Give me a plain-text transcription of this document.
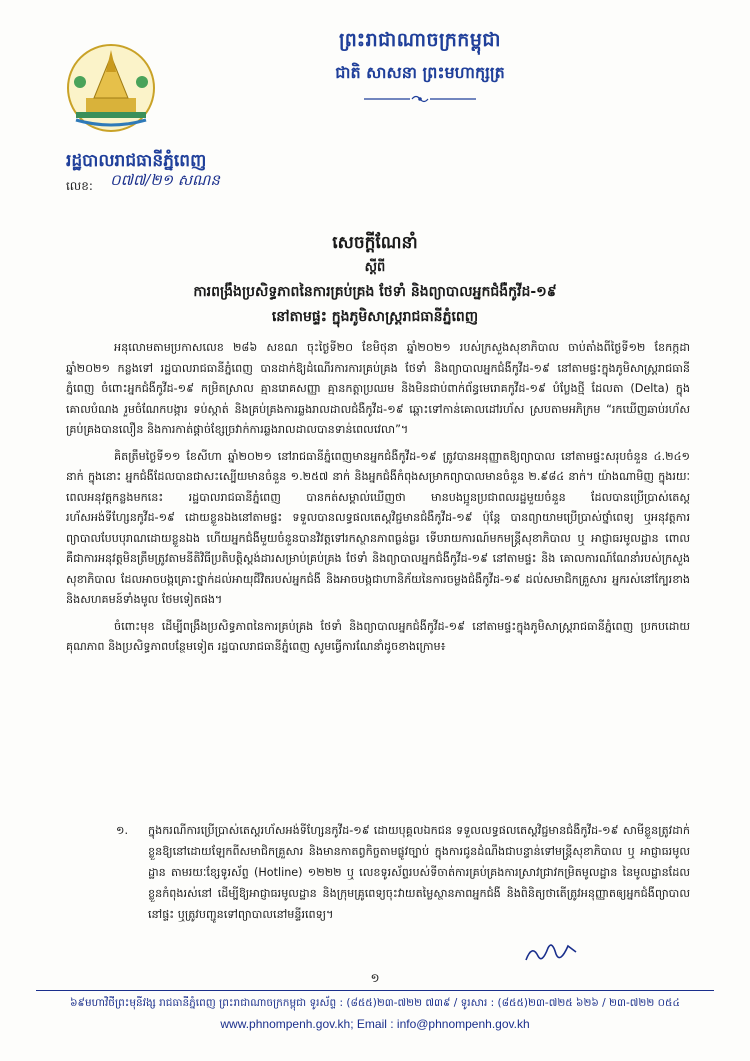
ព្រះរាជាណាចក្រកម្ពុជា
ជាតិ សាសនា ព្រះមហាក្សត្រ
រដ្ឋបាលរាជធានីភ្នំពេញ
លេខ: ០៧៧/២១ សណន
សេចក្តីណែនាំ
ស្តីពី
ការពង្រឹងប្រសិទ្ធភាពនៃការគ្រប់គ្រង ថែទាំ និងព្យាបាលអ្នកជំងឺកូវីដ-១៩
នៅតាមផ្ទះ ក្នុងភូមិសាស្ត្ររាជធានីភ្នំពេញ

អនុលោមតាមប្រកាសលេខ ២៨៦ សខណ ចុះថ្ងៃទី២០ ខែមិថុនា ឆ្នាំ២០២១ របស់ក្រសួងសុខាភិបាល ចាប់តាំងពីថ្ងៃទី១២ ខែកក្កដា ឆ្នាំ២០២១ កន្លងទៅ រដ្ឋបាលរាជធានីភ្នំពេញ បានដាក់ឱ្យដំណើរការការគ្រប់គ្រង ថែទាំ និងព្យាបាលអ្នកជំងឺកូវីដ-១៩ នៅតាមផ្ទះក្នុងភូមិសាស្ត្ររាជធានីភ្នំពេញ ចំពោះអ្នកជំងឺកូវីដ-១៩ កម្រិតស្រាល គ្មានរោគសញ្ញា គ្មានកត្តាប្រឈម និងមិនជាប់ពាក់ព័ន្ធមេរោគកូវីដ-១៩ បំប្លែងថ្មី ដែលតា (Delta) ក្នុងគោលបំណង រួមចំណែកបង្ការ ទប់ស្កាត់ និងគ្រប់គ្រងការឆ្លងរាលដាលជំងឺកូវីដ-១៩ ឆ្ពោះទៅកាន់គោលដៅរហ័ស ស្របតាមអភិក្រម “រកឃើញឆាប់រហ័ស គ្រប់គ្រងបានលឿន និងការកាត់ផ្តាច់ខ្សែច្រវាក់ការឆ្លងរាលដាលបានទាន់ពេលវេលា”។

គិតត្រឹមថ្ងៃទី១១ ខែសីហា ឆ្នាំ២០២១ នៅរាជធានីភ្នំពេញមានអ្នកជំងឺកូវីដ-១៩ ត្រូវបានអនុញ្ញាតឱ្យព្យាបាល នៅតាមផ្ទះសរុបចំនួន ៤.២៤១ នាក់ ក្នុងនោះ អ្នកជំងឺដែលបានជាសះស្បើយមានចំនួន ១.២៥៧ នាក់ និងអ្នកជំងឺកំពុងសម្រាកព្យាបាលមានចំនួន ២.៩៨៤ នាក់។ យ៉ាងណាមិញ ក្នុងរយៈពេលអនុវត្តកន្លងមកនេះ រដ្ឋបាលរាជធានីភ្នំពេញ បានកត់សម្គាល់ឃើញថា មានបងប្អូនប្រជាពលរដ្ឋមួយចំនួន ដែលបានប្រើប្រាស់តេស្តរហ័សអង់ទីហ្សែនកូវីដ-១៩ ដោយខ្លួនឯងនៅតាមផ្ទះ ទទួលបានលទ្ធផលតេស្តវិជ្ជមានជំងឺកូវីដ-១៩ ប៉ុន្តែ បានព្យាយាមប្រើប្រាស់ថ្នាំពេទ្យ ឬអនុវត្តការព្យាបាលបែបបុរាណដោយខ្លួនឯង ហើយអ្នកជំងឺមួយចំនួនបានវិវត្តទៅរកស្ថានភាពធ្ងន់ធ្ងរ ទើបរាយការណ៍មកមន្ត្រីសុខាភិបាល ឬ អាជ្ញាធរមូលដ្ឋាន ពោលគឺជាការអនុវត្តមិនត្រឹមត្រូវតាមនីតិវិធីប្រតិបត្តិស្តង់ដារសម្រាប់គ្រប់គ្រង ថែទាំ និងព្យាបាលអ្នកជំងឺកូវីដ-១៩ នៅតាមផ្ទះ និង គោលការណ៍ណែនាំរបស់ក្រសួងសុខាភិបាល ដែលអាចបង្កគ្រោះថ្នាក់ដល់អាយុជីវិតរបស់អ្នកជំងឺ និងអាចបង្កជាហានិភ័យនៃការចម្លងជំងឺកូវីដ-១៩ ដល់សមាជិកគ្រួសារ អ្នករស់នៅក្បែរខាង និងសហគមន៍ទាំងមូល ថែមទៀតផង។

ចំពោះមុខ ដើម្បីពង្រឹងប្រសិទ្ធភាពនៃការគ្រប់គ្រង ថែទាំ និងព្យាបាលអ្នកជំងឺកូវីដ-១៩ នៅតាមផ្ទះក្នុងភូមិសាស្ត្ររាជធានីភ្នំពេញ ប្រកបដោយគុណភាព និងប្រសិទ្ធភាពបន្ថែមទៀត រដ្ឋបាលរាជធានីភ្នំពេញ សូមធ្វើការណែនាំដូចខាងក្រោម៖

១. ក្នុងករណីការប្រើប្រាស់តេស្តរហ័សអង់ទីហ្សែនកូវីដ-១៩ ដោយបុគ្គលឯកជន ទទួលលទ្ធផលតេស្តវិជ្ជមានជំងឺកូវីដ-១៩ សាមីខ្លួនត្រូវដាក់ខ្លួនឱ្យនៅដោយឡែកពីសមាជិកគ្រួសារ និងមានកាតព្វកិច្ចតាមផ្លូវច្បាប់ ក្នុងការជូនដំណឹងជាបន្ទាន់ទៅមន្ត្រីសុខាភិបាល ឬ អាជ្ញាធរមូលដ្ឋាន តាមរយៈខ្សែទូរស័ព្ទ (Hotline) ១២២២ ឬ លេខទូរស័ព្ទរបស់ទីចាត់ការគ្រប់គ្រងការស្រាវជ្រាវកម្រិតមូលដ្ឋាន នៃមូលដ្ឋានដែលខ្លួនកំពុងរស់នៅ ដើម្បីឱ្យអាជ្ញាធរមូលដ្ឋាន និងក្រុមគ្រូពេទ្យចុះវាយតម្លៃស្ថានភាពអ្នកជំងឺ និងពិនិត្យថាតើត្រូវអនុញ្ញាតឲ្យអ្នកជំងឺព្យាបាលនៅផ្ទះ ឬត្រូវបញ្ជូនទៅព្យាបាលនៅមន្ទីរពេទ្យ។
១
៦៩មហាវិថីព្រះមុនីវង្ស រាជធានីភ្នំពេញ ព្រះរាជាណាចក្រកម្ពុជា ទូរស័ព្ទ : (៨៥៥)២៣-៧២២ ៧៣៩ / ទូរសារ : (៨៥៥)២៣-៧២៥ ៦២៦ / ២៣-៧២២ ០៥៤
www.phnompenh.gov.kh; Email : info@phnompenh.gov.kh
